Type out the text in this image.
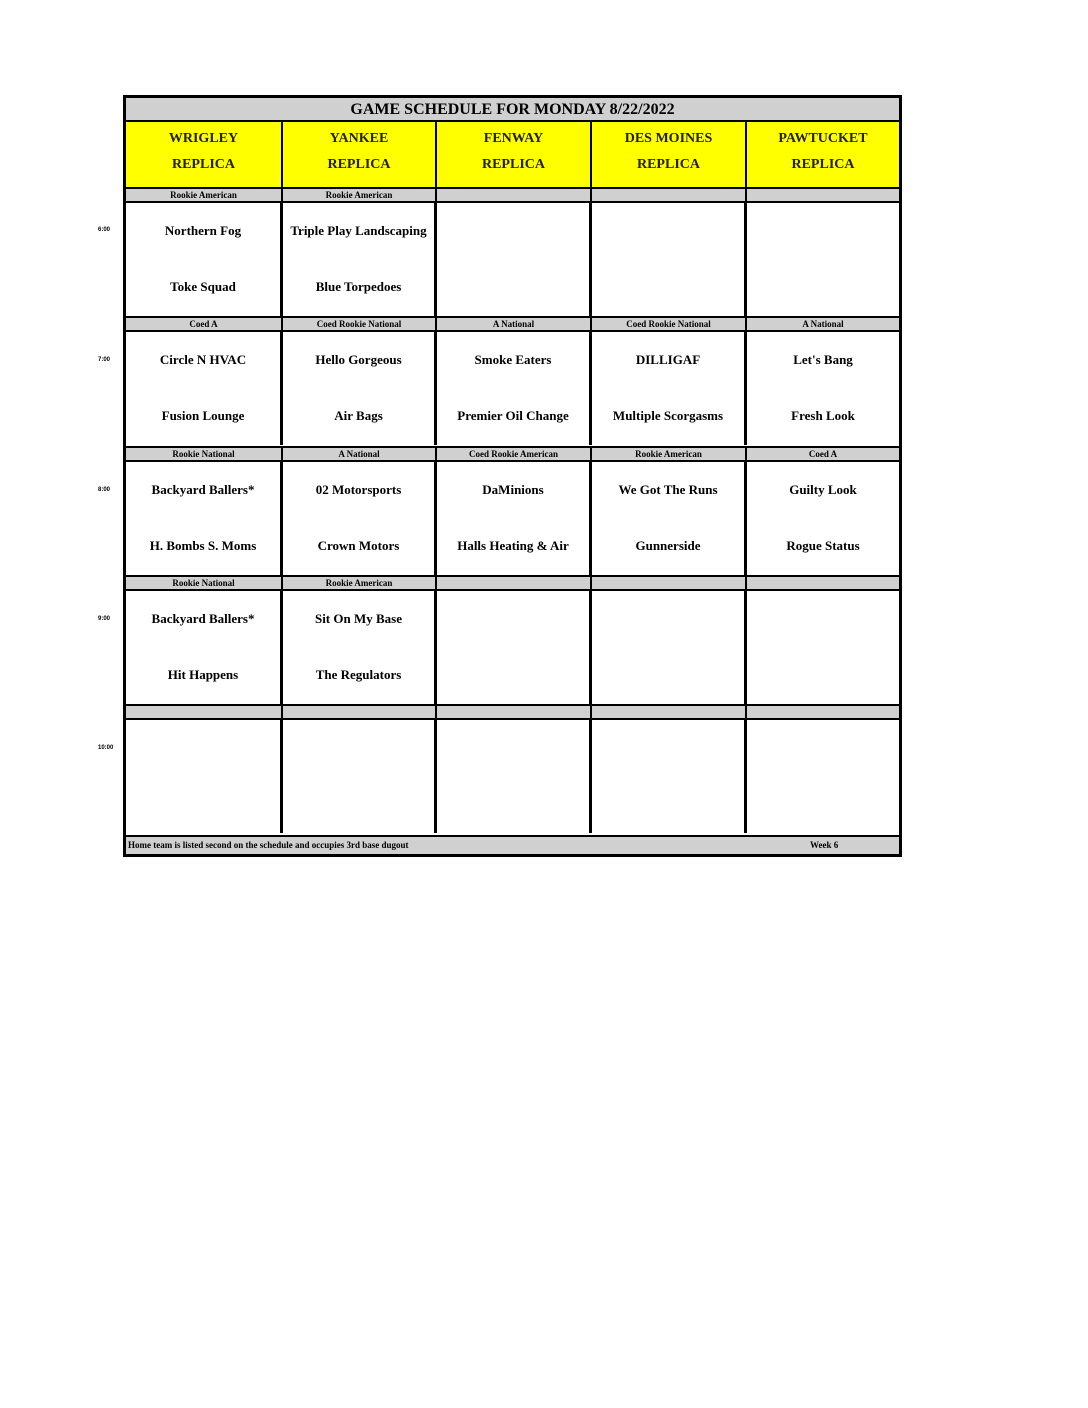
GAME SCHEDULE FOR MONDAY 8/22/2022
WRIGLEY
REPLICA
YANKEE
REPLICA
FENWAY
REPLICA
DES MOINES
REPLICA
PAWTUCKET
REPLICA
Rookie American
Northern Fog
Toke Squad
Rookie American
Triple Play Landscaping
Blue Torpedoes
Coed A
Circle N HVAC
Fusion Lounge
Coed Rookie National
Hello Gorgeous
Air Bags
A National
Smoke Eaters
Premier Oil Change
Coed Rookie National
DILLIGAF
Multiple Scorgasms
A National
Let's Bang
Fresh Look
Rookie National
Backyard Ballers*
H. Bombs S. Moms
A National
02 Motorsports
Crown Motors
Coed Rookie American
DaMinions
Halls Heating & Air
Rookie American
We Got The Runs
Gunnerside
Coed A
Guilty Look
Rogue Status
Rookie National
Backyard Ballers*
Hit Happens
Rookie American
Sit On My Base
The Regulators
Home team is listed second on the schedule and occupies 3rd base dugout	Week 6
6:00
7:00
8:00
9:00
10:00
